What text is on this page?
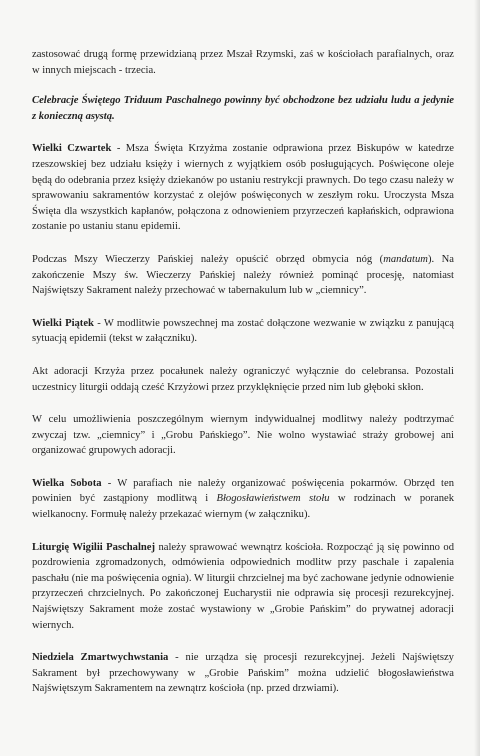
zastosować drugą formę przewidzianą przez Mszał Rzymski, zaś w kościołach parafialnych, oraz w innych miejscach - trzecia.

Celebracje Świętego Triduum Paschalnego powinny być obchodzone bez udziału ludu a jedynie z konieczną asystą.

Wielki Czwartek - Msza Święta Krzyżma zostanie odprawiona przez Biskupów w katedrze rzeszowskiej bez udziału księży i wiernych z wyjątkiem osób posługujących. Poświęcone oleje będą do odebrania przez księży dziekanów po ustaniu restrykcji prawnych. Do tego czasu należy w sprawowaniu sakramentów korzystać z olejów poświęconych w zeszłym roku. Uroczysta Msza Święta dla wszystkich kapłanów, połączona z odnowieniem przyrzeczeń kapłańskich, odprawiona zostanie po ustaniu stanu epidemii.

Podczas Mszy Wieczerzy Pańskiej należy opuścić obrzęd obmycia nóg (mandatum). Na zakończenie Mszy św. Wieczerzy Pańskiej należy również pominąć procesję, natomiast Najświętszy Sakrament należy przechować w tabernakulum lub w „ciemnicy”.

Wielki Piątek - W modlitwie powszechnej ma zostać dołączone wezwanie w związku z panującą sytuacją epidemii (tekst w załączniku).

Akt adoracji Krzyża przez pocałunek należy ograniczyć wyłącznie do celebransa. Pozostali uczestnicy liturgii oddają cześć Krzyżowi przez przyklęknięcie przed nim lub głęboki skłon.

W celu umożliwienia poszczególnym wiernym indywidualnej modlitwy należy podtrzymać zwyczaj tzw. „ciemnicy” i „Grobu Pańskiego”. Nie wolno wystawiać straży grobowej ani organizować grupowych adoracji.

Wielka Sobota - W parafiach nie należy organizować poświęcenia pokarmów. Obrzęd ten powinien być zastąpiony modlitwą i Błogosławieństwem stołu w rodzinach w poranek wielkanocny. Formułę należy przekazać wiernym (w załączniku).

Liturgię Wigilii Paschalnej należy sprawować wewnątrz kościoła. Rozpocząć ją się powinno od pozdrowienia zgromadzonych, odmówienia odpowiednich modlitw przy paschale i zapalenia paschału (nie ma poświęcenia ognia). W liturgii chrzcielnej ma być zachowane jedynie odnowienie przyrzeczeń chrzcielnych. Po zakończonej Eucharystii nie odprawia się procesji rezurekcyjnej. Najświętszy Sakrament może zostać wystawiony w „Grobie Pańskim” do prywatnej adoracji wiernych.

Niedziela Zmartwychwstania - nie urządza się procesji rezurekcyjnej. Jeżeli Najświętszy Sakrament był przechowywany w „Grobie Pańskim” można udzielić błogosławieństwa Najświętszym Sakramentem na zewnątrz kościoła (np. przed drzwiami).
